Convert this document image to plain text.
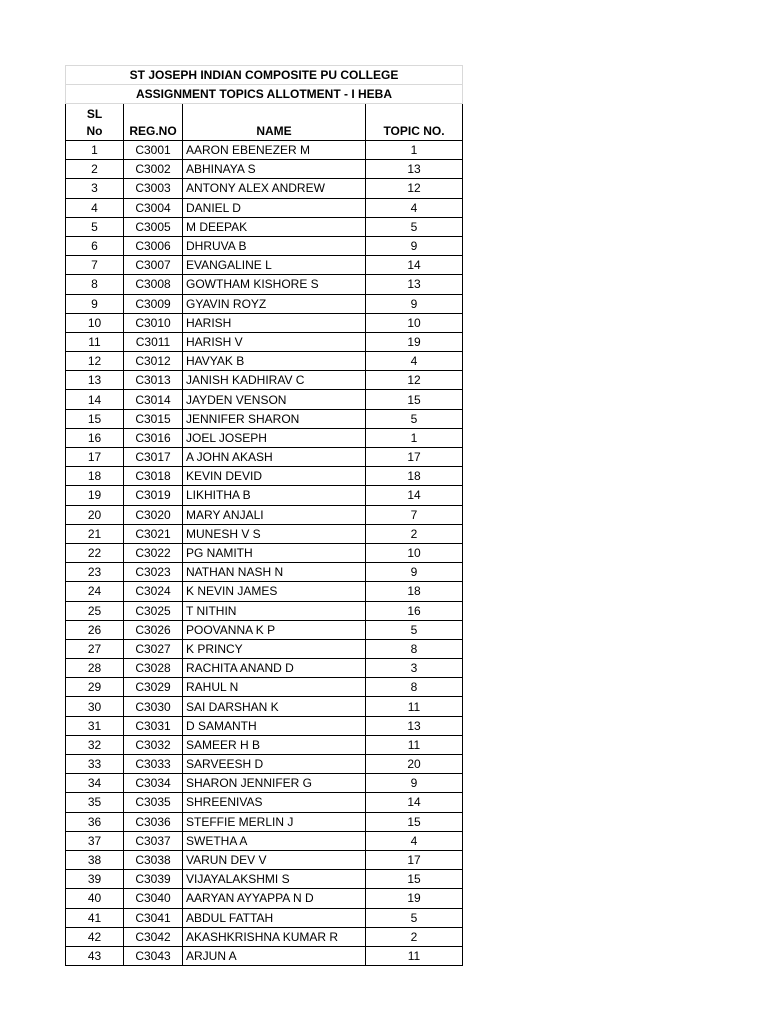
ST JOSEPH INDIAN COMPOSITE PU COLLEGE			
ASSIGNMENT TOPICS ALLOTMENT - I HEBA			

SL
No	REG.NO	NAME	TOPIC NO.
1	C3001	AARON EBENEZER M	1
2	C3002	ABHINAYA S	13
3	C3003	ANTONY ALEX ANDREW	12
4	C3004	DANIEL D	4
5	C3005	M DEEPAK	5
6	C3006	DHRUVA B	9
7	C3007	EVANGALINE L	14
8	C3008	GOWTHAM KISHORE S	13
9	C3009	GYAVIN ROYZ	9
10	C3010	HARISH	10
11	C3011	HARISH V	19
12	C3012	HAVYAK B	4
13	C3013	JANISH KADHIRAV C	12
14	C3014	JAYDEN VENSON	15
15	C3015	JENNIFER SHARON	5
16	C3016	JOEL JOSEPH	1
17	C3017	A JOHN AKASH	17
18	C3018	KEVIN DEVID	18
19	C3019	LIKHITHA B	14
20	C3020	MARY ANJALI	7
21	C3021	MUNESH V S	2
22	C3022	PG NAMITH	10
23	C3023	NATHAN NASH N	9
24	C3024	K NEVIN JAMES	18
25	C3025	T NITHIN	16
26	C3026	POOVANNA K P	5
27	C3027	K PRINCY	8
28	C3028	RACHITA ANAND D	3
29	C3029	RAHUL N	8
30	C3030	SAI DARSHAN K	11
31	C3031	D SAMANTH	13
32	C3032	SAMEER H B	11
33	C3033	SARVEESH D	20
34	C3034	SHARON JENNIFER G	9
35	C3035	SHREENIVAS	14
36	C3036	STEFFIE MERLIN J	15
37	C3037	SWETHA A	4
38	C3038	VARUN DEV V	17
39	C3039	VIJAYALAKSHMI S	15
40	C3040	AARYAN AYYAPPA N D	19
41	C3041	ABDUL FATTAH	5
42	C3042	AKASHKRISHNA KUMAR R	2
43	C3043	ARJUN A	11
